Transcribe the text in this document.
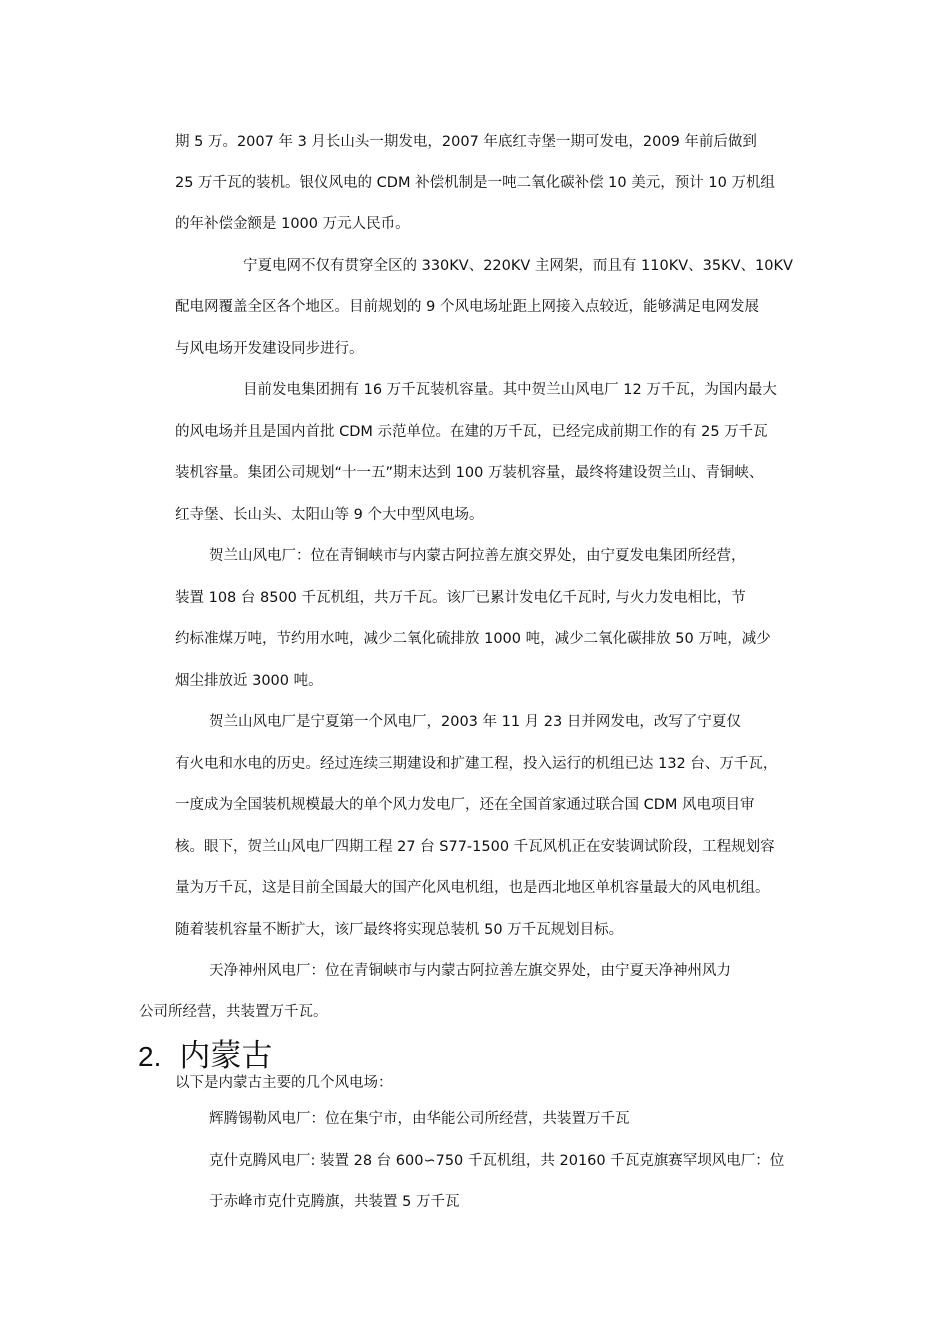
期 5 万。2007 年 3 月长山头一期发电，2007 年底红寺堡一期可发电，2009 年前后做到
25 万千瓦的装机。银仪风电的 CDM 补偿机制是一吨二氧化碳补偿 10 美元，预计 10 万机组
的年补偿金额是 1000 万元人民币。
宁夏电网不仅有贯穿全区的 330KV、220KV 主网架，而且有 110KV、35KV、10KV
配电网覆盖全区各个地区。目前规划的 9 个风电场址距上网接入点较近，能够满足电网发展
与风电场开发建设同步进行。
目前发电集团拥有 16 万千瓦装机容量。其中贺兰山风电厂 12 万千瓦，为国内最大
的风电场并且是国内首批 CDM 示范单位。在建的万千瓦，已经完成前期工作的有 25 万千瓦
装机容量。集团公司规划“十一五”期末达到 100 万装机容量，最终将建设贺兰山、青铜峡、
红寺堡、长山头、太阳山等 9 个大中型风电场。
贺兰山风电厂：位在青铜峡市与内蒙古阿拉善左旗交界处，由宁夏发电集团所经营，
装置 108 台 8500 千瓦机组，共万千瓦。该厂已累计发电亿千瓦时, 与火力发电相比，节
约标准煤万吨，节约用水吨，减少二氧化硫排放 1000 吨，减少二氧化碳排放 50 万吨，减少
烟尘排放近 3000 吨。
贺兰山风电厂是宁夏第一个风电厂，2003 年 11 月 23 日并网发电，改写了宁夏仅
有火电和水电的历史。经过连续三期建设和扩建工程，投入运行的机组已达 132 台、万千瓦，
一度成为全国装机规模最大的单个风力发电厂，还在全国首家通过联合国 CDM 风电项目审
核。眼下，贺兰山风电厂四期工程 27 台 S77-1500 千瓦风机正在安装调试阶段，工程规划容
量为万千瓦，这是目前全国最大的国产化风电机组，也是西北地区单机容量最大的风电机组。
随着装机容量不断扩大，该厂最终将实现总装机 50 万千瓦规划目标。
天净神州风电厂：位在青铜峡市与内蒙古阿拉善左旗交界处，由宁夏天净神州风力
公司所经营，共装置万千瓦。
2. 内蒙古
以下是内蒙古主要的几个风电场：
辉腾锡勒风电厂：位在集宁市，由华能公司所经营，共装置万千瓦
克什克腾风电厂: 装置 28 台 600∽750 千瓦机组，共 20160 千瓦克旗赛罕坝风电厂：位
于赤峰市克什克腾旗，共装置 5 万千瓦
